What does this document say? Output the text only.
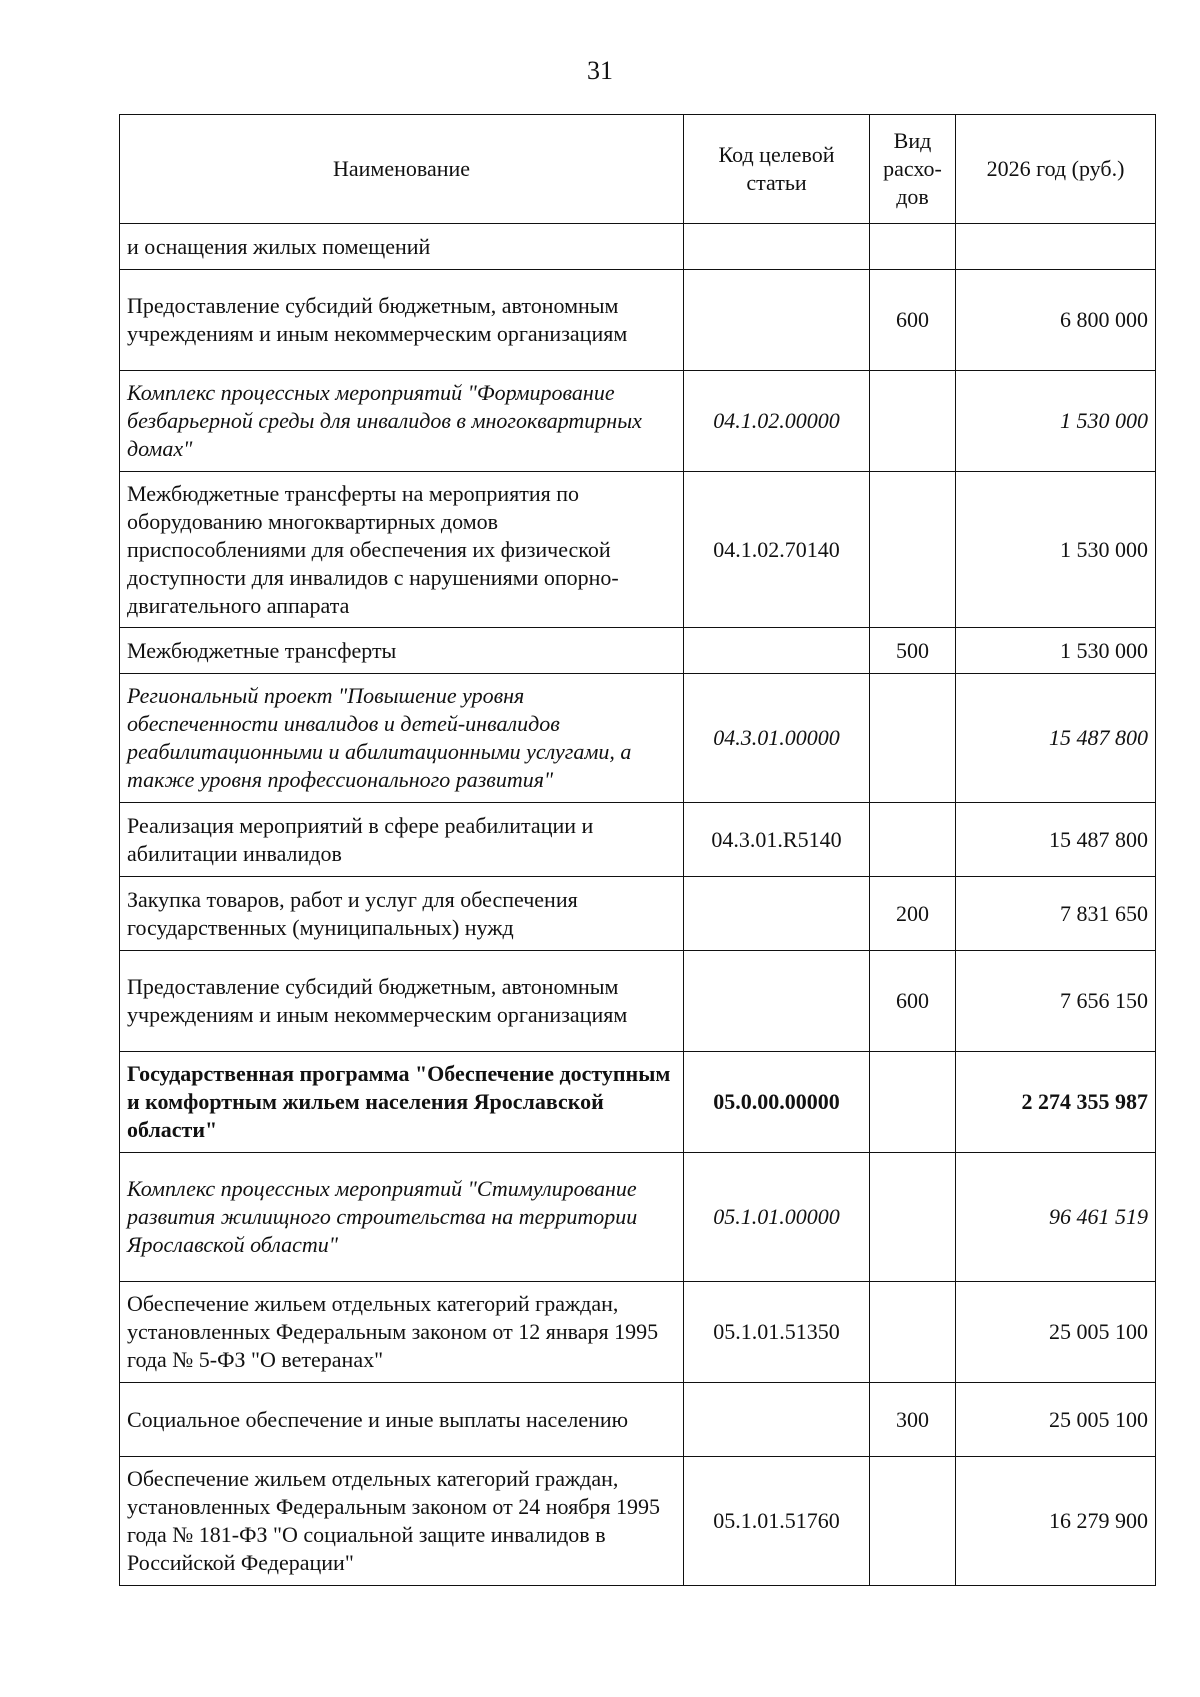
31
Наименование	Код целевой статьи	Вид расхо-дов	2026 год (руб.)
и оснащения жилых помещений			
Предоставление субсидий бюджетным, автономным учреждениям и иным некоммерческим организациям		600	6 800 000
Комплекс процессных мероприятий "Формирование безбарьерной среды для инвалидов в многоквартирных домах"	04.1.02.00000		1 530 000
Межбюджетные трансферты на мероприятия по оборудованию многоквартирных домов приспособлениями для обеспечения их физической доступности для инвалидов с нарушениями опорно-двигательного аппарата	04.1.02.70140		1 530 000
Межбюджетные трансферты		500	1 530 000
Региональный проект "Повышение уровня обеспеченности инвалидов и детей-инвалидов реабилитационными и абилитационными услугами, а также уровня профессионального развития"	04.3.01.00000		15 487 800
Реализация мероприятий в сфере реабилитации и абилитации инвалидов	04.3.01.R5140		15 487 800
Закупка товаров, работ и услуг для обеспечения государственных (муниципальных) нужд		200	7 831 650
Предоставление субсидий бюджетным, автономным учреждениям и иным некоммерческим организациям		600	7 656 150
Государственная программа "Обеспечение доступным и комфортным жильем населения Ярославской области"	05.0.00.00000		2 274 355 987
Комплекс процессных мероприятий "Стимулирование развития жилищного строительства на территории Ярославской области"	05.1.01.00000		96 461 519
Обеспечение жильем отдельных категорий граждан, установленных Федеральным законом от 12 января 1995 года № 5-ФЗ "О ветеранах"	05.1.01.51350		25 005 100
Социальное обеспечение и иные выплаты населению		300	25 005 100
Обеспечение жильем отдельных категорий граждан, установленных Федеральным законом от 24 ноября 1995 года № 181-ФЗ "О социальной защите инвалидов в Российской Федерации"	05.1.01.51760		16 279 900
